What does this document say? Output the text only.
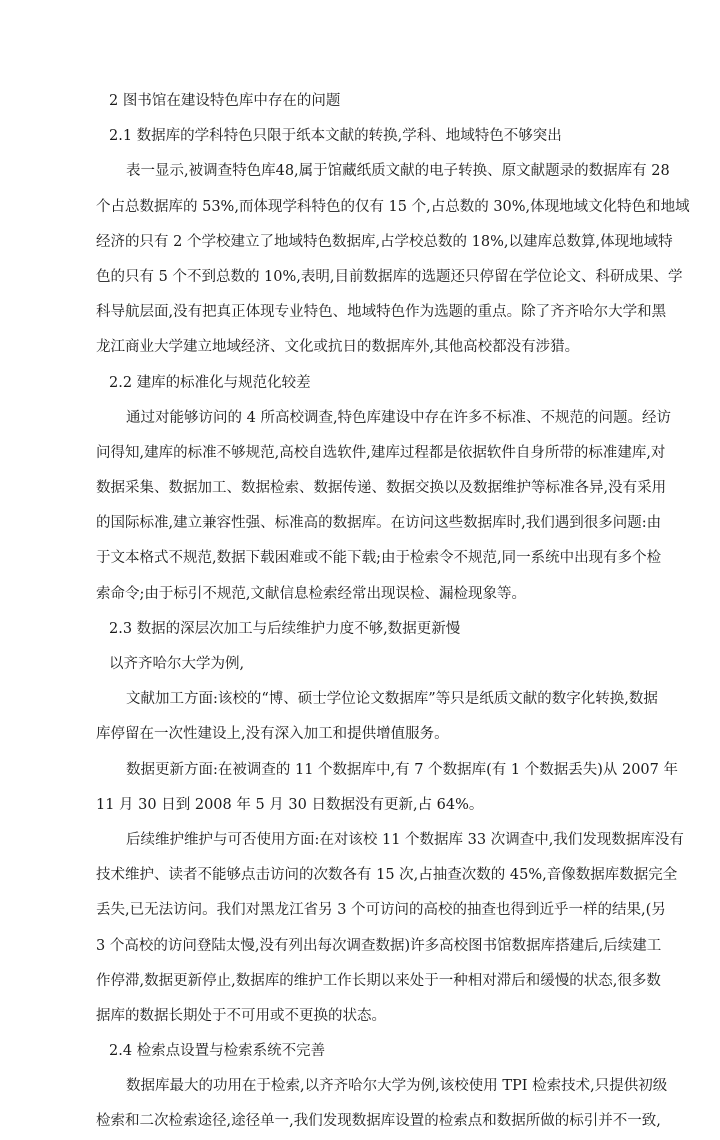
2 图书馆在建设特色库中存在的问题
2.1 数据库的学科特色只限于纸本文献的转换,学科、地域特色不够突出
表一显示,被调查特色库48,属于馆藏纸质文献的电子转换、原文献题录的数据库有 28
个占总数据库的 53%,而体现学科特色的仅有 15 个,占总数的 30%,体现地域文化特色和地域
经济的只有 2 个学校建立了地域特色数据库,占学校总数的 18%,以建库总数算,体现地域特
色的只有 5 个不到总数的 10%,表明,目前数据库的选题还只停留在学位论文、科研成果、学
科导航层面,没有把真正体现专业特色、地域特色作为选题的重点。除了齐齐哈尔大学和黑
龙江商业大学建立地域经济、文化或抗日的数据库外,其他高校都没有涉猎。
2.2 建库的标准化与规范化较差
通过对能够访问的 4 所高校调查,特色库建设中存在许多不标准、不规范的问题。经访
问得知,建库的标准不够规范,高校自选软件,建库过程都是依据软件自身所带的标准建库,对
数据采集、数据加工、数据检索、数据传递、数据交换以及数据维护等标准各异,没有采用
的国际标准,建立兼容性强、标准高的数据库。在访问这些数据库时,我们遇到很多问题:由
于文本格式不规范,数据下载困难或不能下载;由于检索令不规范,同一系统中出现有多个检
索命令;由于标引不规范,文献信息检索经常出现误检、漏检现象等。
2.3 数据的深层次加工与后续维护力度不够,数据更新慢
以齐齐哈尔大学为例,
文献加工方面:该校的“博、硕士学位论文数据库”等只是纸质文献的数字化转换,数据
库停留在一次性建设上,没有深入加工和提供增值服务。
数据更新方面:在被调查的 11 个数据库中,有 7 个数据库(有 1 个数据丢失)从 2007 年
11 月 30 日到 2008 年 5 月 30 日数据没有更新,占 64%。
后续维护维护与可否使用方面:在对该校 11 个数据库 33 次调查中,我们发现数据库没有
技术维护、读者不能够点击访问的次数各有 15 次,占抽查次数的 45%,音像数据库数据完全
丢失,已无法访问。我们对黑龙江省另 3 个可访问的高校的抽查也得到近乎一样的结果,(另
3 个高校的访问登陆太慢,没有列出每次调查数据)许多高校图书馆数据库搭建后,后续建工
作停滞,数据更新停止,数据库的维护工作长期以来处于一种相对滞后和缓慢的状态,很多数
据库的数据长期处于不可用或不更换的状态。
2.4 检索点设置与检索系统不完善
数据库最大的功用在于检索,以齐齐哈尔大学为例,该校使用 TPI 检索技术,只提供初级
检索和二次检索途径,途径单一,我们发现数据库设置的检索点和数据所做的标引并不一致,
